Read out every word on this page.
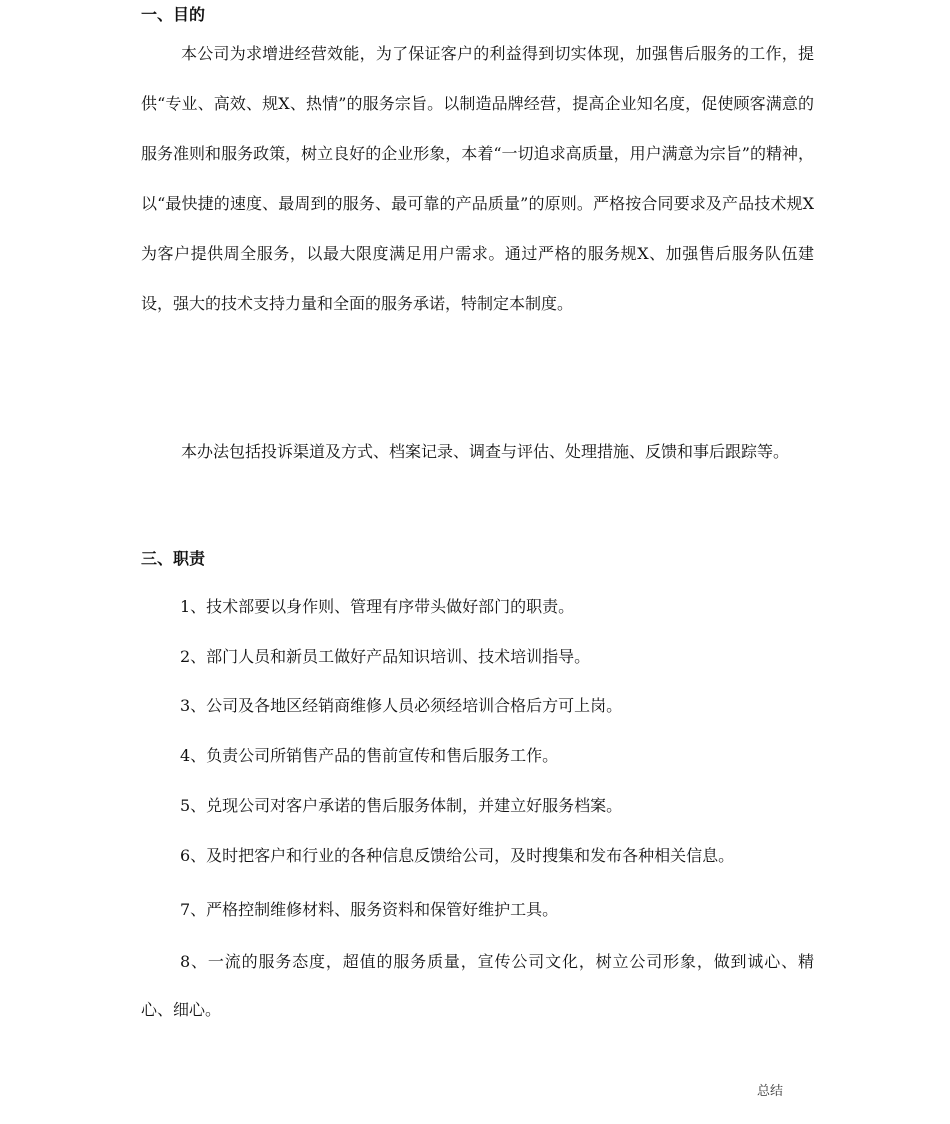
一、目的

本公司为求增进经营效能，为了保证客户的利益得到切实体现，加强售后服务的工作，提供“专业、高效、规X、热情”的服务宗旨。以制造品牌经营，提高企业知名度，促使顾客满意的服务准则和服务政策，树立良好的企业形象，本着“一切追求高质量，用户满意为宗旨”的精神，以“最快捷的速度、最周到的服务、最可靠的产品质量”的原则。严格按合同要求及产品技术规X为客户提供周全服务，以最大限度满足用户需求。通过严格的服务规X、加强售后服务队伍建设，强大的技术支持力量和全面的服务承诺，特制定本制度。

本办法包括投诉渠道及方式、档案记录、调查与评估、处理措施、反馈和事后跟踪等。

三、职责
1、技术部要以身作则、管理有序带头做好部门的职责。
2、部门人员和新员工做好产品知识培训、技术培训指导。
3、公司及各地区经销商维修人员必须经培训合格后方可上岗。
4、负责公司所销售产品的售前宣传和售后服务工作。
5、兑现公司对客户承诺的售后服务体制，并建立好服务档案。
6、及时把客户和行业的各种信息反馈给公司，及时搜集和发布各种相关信息。
7、严格控制维修材料、服务资料和保管好维护工具。

8、一流的服务态度，超值的服务质量，宣传公司文化，树立公司形象，做到诚心、精心、细心。

总结
